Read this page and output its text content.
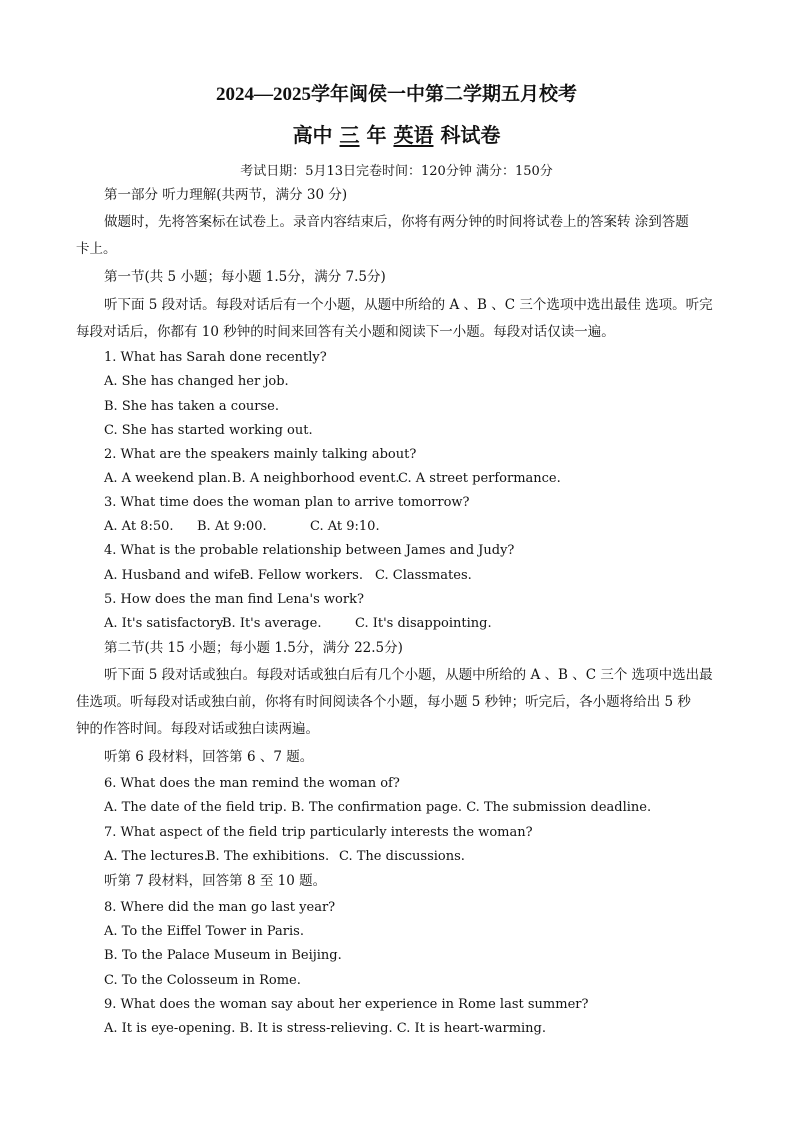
2024—2025学年闽侯一中第二学期五月校考
高中 三 年 英语 科试卷
考试日期：5月13日完卷时间：120分钟 满分：150分
第一部分 听力理解(共两节，满分 30 分)
做题时，先将答案标在试卷上。录音内容结束后，你将有两分钟的时间将试卷上的答案转 涂到答题
卡上。
第一节(共 5 小题；每小题 1.5分，满分 7.5分)
听下面 5 段对话。每段对话后有一个小题，从题中所给的 A 、B 、C 三个选项中选出最佳 选项。听完
每段对话后，你都有 10 秒钟的时间来回答有关小题和阅读下一小题。每段对话仅读一遍。
1. What has Sarah done recently?
A. She has changed her job.
B. She has taken a course.
C. She has started working out.
2. What are the speakers mainly talking about?
A. A weekend plan. B. A neighborhood event.
C. A street performance.
3. What time does the woman plan to arrive tomorrow?
A. At 8:50. B. At 9:00.	C. At 9:10.
4. What is the probable relationship between James and Judy?
A. Husband and wife.
B. Fellow workers. C. Classmates.
5. How does the man find Lena's work?
A. It's satisfactory.
B. It's average.	C. It's disappointing.
第二节(共 15 小题；每小题 1.5分，满分 22.5分)
听下面 5 段对话或独白。每段对话或独白后有几个小题，从题中所给的 A 、B 、C 三个 选项中选出最
佳选项。听每段对话或独白前，你将有时间阅读各个小题，每小题 5 秒钟；听完后，各小题将给出 5 秒
钟的作答时间。每段对话或独白读两遍。
听第 6 段材料，回答第 6 、7 题。
6. What does the man remind the woman of?
A. The date of the field trip. B. The confirmation page. C. The submission deadline.
7. What aspect of the field trip particularly interests the woman?
A. The lectures.
B. The exhibitions. C. The discussions.
听第 7 段材料，回答第 8 至 10 题。
8. Where did the man go last year?
A. To the Eiffel Tower in Paris.
B. To the Palace Museum in Beijing.
C. To the Colosseum in Rome.
9. What does the woman say about her experience in Rome last summer?
A. It is eye-opening. B. It is stress-relieving. C. It is heart-warming.
